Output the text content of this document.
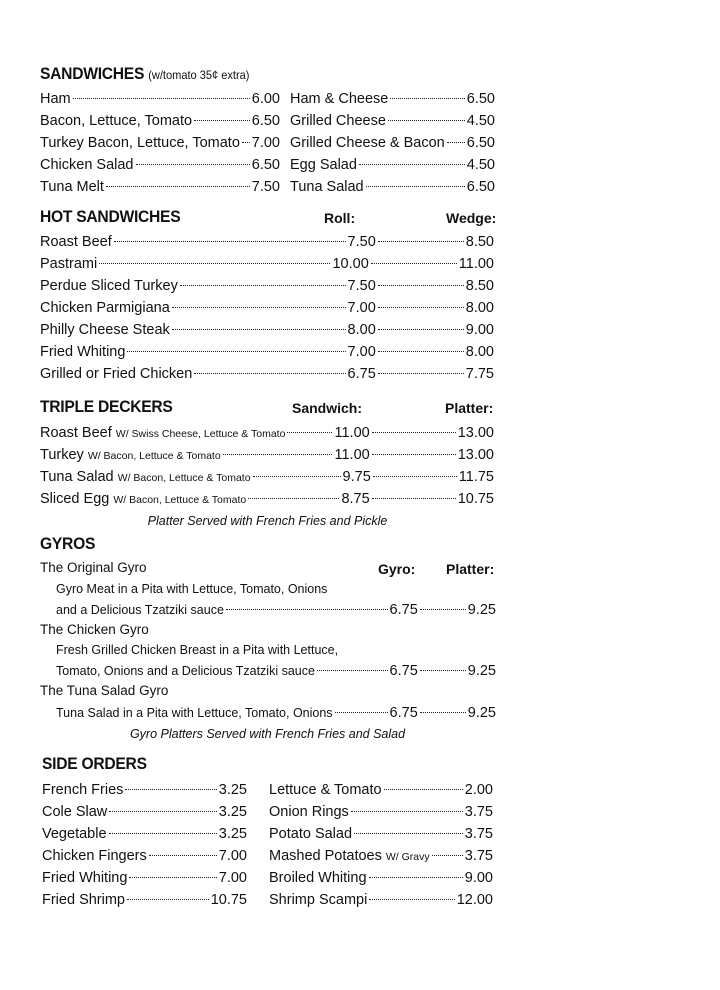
SANDWICHES (w/tomato 35¢ extra)
Ham	6.00
Bacon, Lettuce, Tomato	6.50
Turkey Bacon, Lettuce, Tomato 7.00
Chicken Salad	6.50
Tuna Melt	7.50
Ham & Cheese	6.50
Grilled Cheese	4.50
Grilled Cheese & Bacon 6.50
Egg Salad	4.50
Tuna Salad	6.50
HOT SANDWICHES	Roll:	Wedge:
Roast Beef	7.50	8.50
Pastrami	10.00	11.00
Perdue Sliced Turkey	7.50	8.50
Chicken Parmigiana	7.00	8.00
Philly Cheese Steak	8.00	9.00
Fried Whiting	7.00	8.00
Grilled or Fried Chicken	6.75	7.75
TRIPLE DECKERS	Sandwich:	Platter:
Roast Beef W/ Swiss Cheese, Lettuce & Tomato	11.00	13.00
Turkey W/ Bacon, Lettuce & Tomato	11.00	13.00
Tuna Salad W/ Bacon, Lettuce & Tomato	9.75	11.75
Sliced Egg W/ Bacon, Lettuce & Tomato	8.75	10.75
Platter Served with French Fries and Pickle
GYROS
Gyro: Platter:
The Original Gyro
Gyro Meat in a Pita with Lettuce, Tomato, Onions
and a Delicious Tzatziki sauce	6.75	9.25
The Chicken Gyro
Fresh Grilled Chicken Breast in a Pita with Lettuce,
Tomato, Onions and a Delicious Tzatziki sauce	6.75	9.25
The Tuna Salad Gyro
Tuna Salad in a Pita with Lettuce, Tomato, Onions	6.75	9.25
Gyro Platters Served with French Fries and Salad
SIDE ORDERS
French Fries	3.25
Cole Slaw	3.25
Vegetable	3.25
Chicken Fingers	7.00
Fried Whiting	7.00
Fried Shrimp	10.75
Lettuce & Tomato	2.00
Onion Rings	3.75
Potato Salad	3.75
Mashed Potatoes W/ Gravy 3.75
Broiled Whiting	9.00
Shrimp Scampi	12.00
